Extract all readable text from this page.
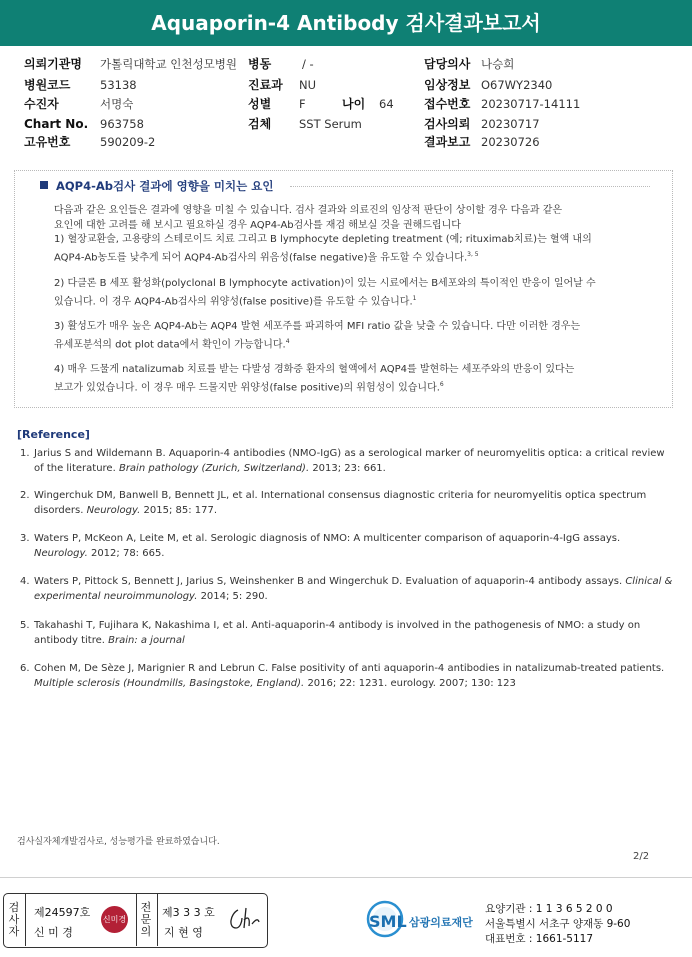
Aquaporin-4 Antibody 검사결과보고서
의뢰기관명 가톨릭대학교 인천성모병원 병동	/ -	담당의사 나승희
병원코드	53138	진료과 NU	임상정보 O67WY2340
수진자	서명숙	성별 F	나이 64	접수번호 20230717-14111
Chart No. 963758	검체 SST Serum	검사의뢰 20230717
고유번호	590209-2	결과보고 20230726
AQP4-Ab검사 결과에 영향을 미치는 요인
다음과 같은 요인들은 결과에 영향을 미칠 수 있습니다. 검사 결과와 의료진의 임상적 판단이 상이할 경우 다음과 같은
요인에 대한 고려를 해 보시고 필요하실 경우 AQP4-Ab검사를 재검 해보실 것을 권해드립니다
1) 혈장교환술, 고용량의 스테로이드 치료 그리고 B lymphocyte depleting treatment (예; rituximab치료)는 혈액 내의
AQP4-Ab농도를 낮추게 되어 AQP4-Ab검사의 위음성(false negative)을 유도할 수 있습니다.$^{3, 5}$
2) 다클론 B 세포 활성화(polyclonal B lymphocyte activation)이 있는 시료에서는 B세포와의 특이적인 반응이 일어날 수
있습니다. 이 경우 AQP4-Ab검사의 위양성(false positive)를 유도할 수 있습니다.$^1$
3) 활성도가 매우 높은 AQP4-Ab는 AQP4 발현 세포주를 파괴하여 MFI ratio 값을 낮출 수 있습니다. 다만 이러한 경우는
유세포분석의 dot plot data에서 확인이 가능합니다.$^4$
4) 매우 드물게 natalizumab 치료를 받는 다발성 경화증 환자의 혈액에서 AQP4를 발현하는 세포주와의 반응이 있다는
보고가 있었습니다. 이 경우 매우 드물지만 위양성(false positive)의 위험성이 있습니다.$^6$
[Reference]
1. Jarius S and Wildemann B. Aquaporin-4 antibodies (NMO-IgG) as a serological marker of neuromyelitis optica: a critical review of the literature. Brain pathology (Zurich, Switzerland). 2013; 23: 661.
2. Wingerchuk DM, Banwell B, Bennett JL, et al. International consensus diagnostic criteria for neuromyelitis optica spectrum disorders. Neurology. 2015; 85: 177.
3. Waters P, McKeon A, Leite M, et al. Serologic diagnosis of NMO: A multicenter comparison of aquaporin-4-IgG assays. Neurology. 2012; 78: 665.
4. Waters P, Pittock S, Bennett J, Jarius S, Weinshenker B and Wingerchuk D. Evaluation of aquaporin-4 antibody assays. Clinical & experimental neuroimmunology. 2014; 5: 290.
5. Takahashi T, Fujihara K, Nakashima I, et al. Anti-aquaporin-4 antibody is involved in the pathogenesis of NMO: a study on antibody titre. Brain: a journal
6. Cohen M, De Sèze J, Marignier R and Lebrun C. False positivity of anti aquaporin-4 antibodies in natalizumab-treated patients. Multiple sclerosis (Houndmills, Basingstoke, England). 2016; 22: 1231. eurology. 2007; 130: 123
검사실자체개발검사로, 성능평가를 완료하였습니다.
2/2
검사자
제24597호
신 미 경
신미경
전문의
제3 3 3 호
지 현 영
SML 삼광의료재단
요양기관 : 1 1 3 6 5 2 0 0
서울특별시 서초구 양재동 9-60
대표번호 : 1661-5117
